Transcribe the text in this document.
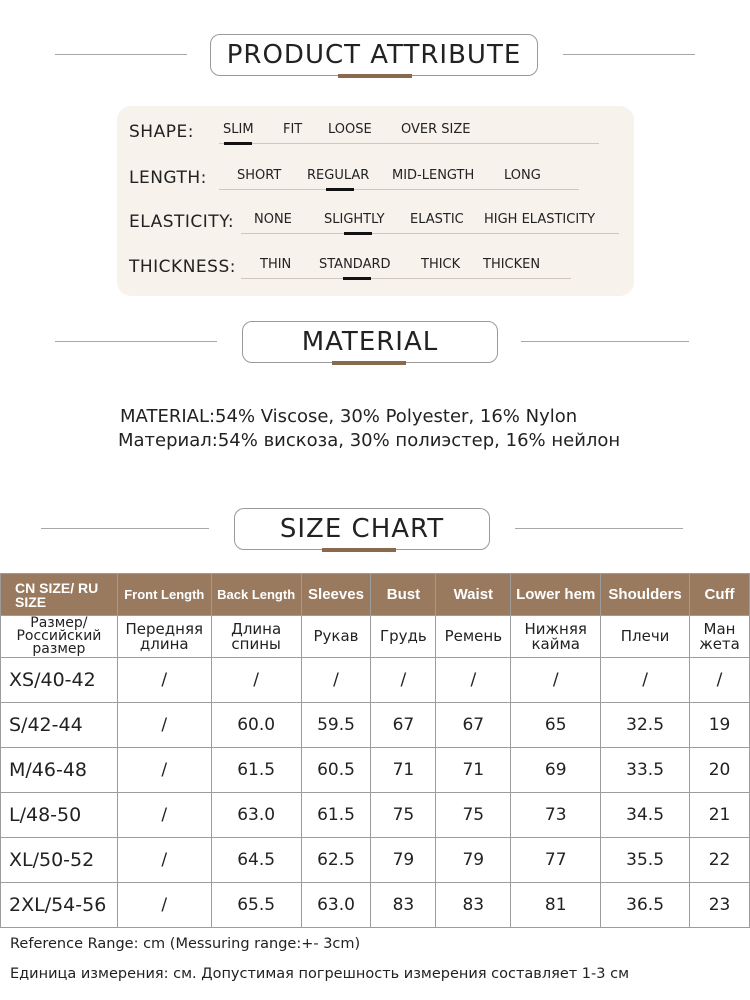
PRODUCT ATTRIBUTE
SHAPE: SLIM FIT LOOSE OVER SIZE
LENGTH: SHORT REGULAR MID-LENGTH LONG
ELASTICITY: NONE SLIGHTLY ELASTIC HIGH ELASTICITY
THICKNESS: THIN STANDARD THICK THICKEN
MATERIAL
MATERIAL:54% Viscose, 30% Polyester, 16% Nylon
Материал:54% вискоза, 30% полиэстер, 16% нейлон
SIZE CHART
CN SIZE/ RU SIZE	Front Length	Back Length	Sleeves	Bust	Waist	Lower hem	Shoulders	Cuff
Размер/ Российский размер	Передняя длина	Длина спины	Рукав	Грудь	Ремень	Нижняя кайма	Плечи	Ман жета
XS/40-42	/	/	/	/	/	/	/	/
S/42-44	/	60.0	59.5	67	67	65	32.5	19
M/46-48	/	61.5	60.5	71	71	69	33.5	20
L/48-50	/	63.0	61.5	75	75	73	34.5	21
XL/50-52	/	64.5	62.5	79	79	77	35.5	22
2XL/54-56	/	65.5	63.0	83	83	81	36.5	23
Reference Range: cm (Messuring range:+- 3cm)
Единица измерения: см. Допустимая погрешность измерения составляет 1-3 см
